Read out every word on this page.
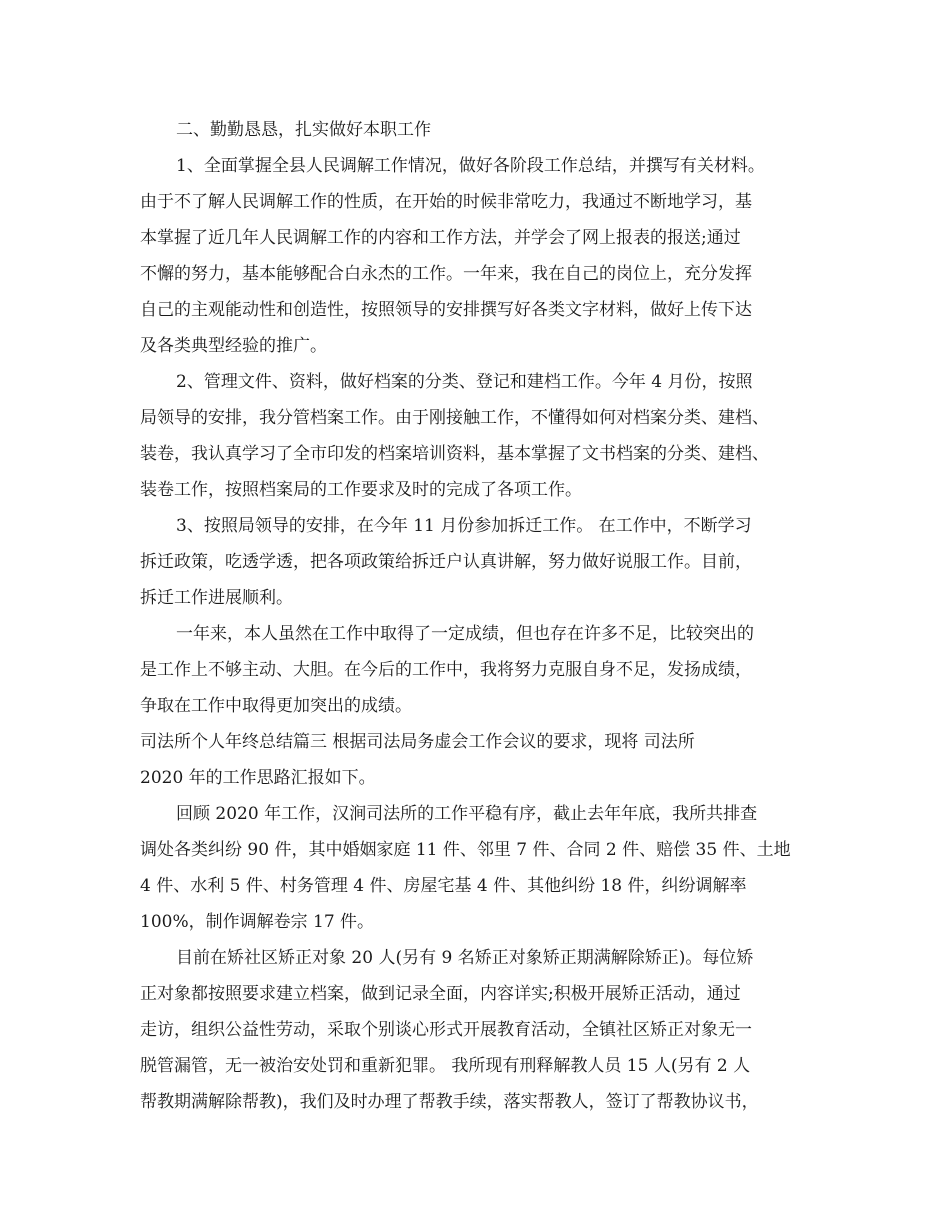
二、勤勤恳恳，扎实做好本职工作

1、全面掌握全县人民调解工作情况，做好各阶段工作总结，并撰写有关材料。

由于不了解人民调解工作的性质，在开始的时候非常吃力，我通过不断地学习，基

本掌握了近几年人民调解工作的内容和工作方法，并学会了网上报表的报送;通过

不懈的努力，基本能够配合白永杰的工作。一年来，我在自己的岗位上，充分发挥

自己的主观能动性和创造性，按照领导的安排撰写好各类文字材料，做好上传下达

及各类典型经验的推广。

2、管理文件、资料，做好档案的分类、登记和建档工作。今年 4 月份，按照

局领导的安排，我分管档案工作。由于刚接触工作，不懂得如何对档案分类、建档、

装卷，我认真学习了全市印发的档案培训资料，基本掌握了文书档案的分类、建档、

装卷工作，按照档案局的工作要求及时的完成了各项工作。

3、按照局领导的安排，在今年 11 月份参加拆迁工作。 在工作中，不断学习

拆迁政策，吃透学透，把各项政策给拆迁户认真讲解，努力做好说服工作。目前，

拆迁工作进展顺利。

一年来，本人虽然在工作中取得了一定成绩，但也存在许多不足，比较突出的

是工作上不够主动、大胆。在今后的工作中，我将努力克服自身不足，发扬成绩，

争取在工作中取得更加突出的成绩。

司法所个人年终总结篇三 根据司法局务虚会工作会议的要求，现将 司法所

2020 年的工作思路汇报如下。

回顾 2020 年工作，汉涧司法所的工作平稳有序，截止去年年底，我所共排查

调处各类纠纷 90 件，其中婚姻家庭 11 件、邻里 7 件、合同 2 件、赔偿 35 件、土地

4 件、水利 5 件、村务管理 4 件、房屋宅基 4 件、其他纠纷 18 件，纠纷调解率

100%，制作调解卷宗 17 件。

目前在矫社区矫正对象 20 人(另有 9 名矫正对象矫正期满解除矫正)。每位矫

正对象都按照要求建立档案，做到记录全面，内容详实;积极开展矫正活动，通过

走访，组织公益性劳动，采取个别谈心形式开展教育活动，全镇社区矫正对象无一

脱管漏管，无一被治安处罚和重新犯罪。 我所现有刑释解教人员 15 人(另有 2 人

帮教期满解除帮教)，我们及时办理了帮教手续，落实帮教人，签订了帮教协议书，
